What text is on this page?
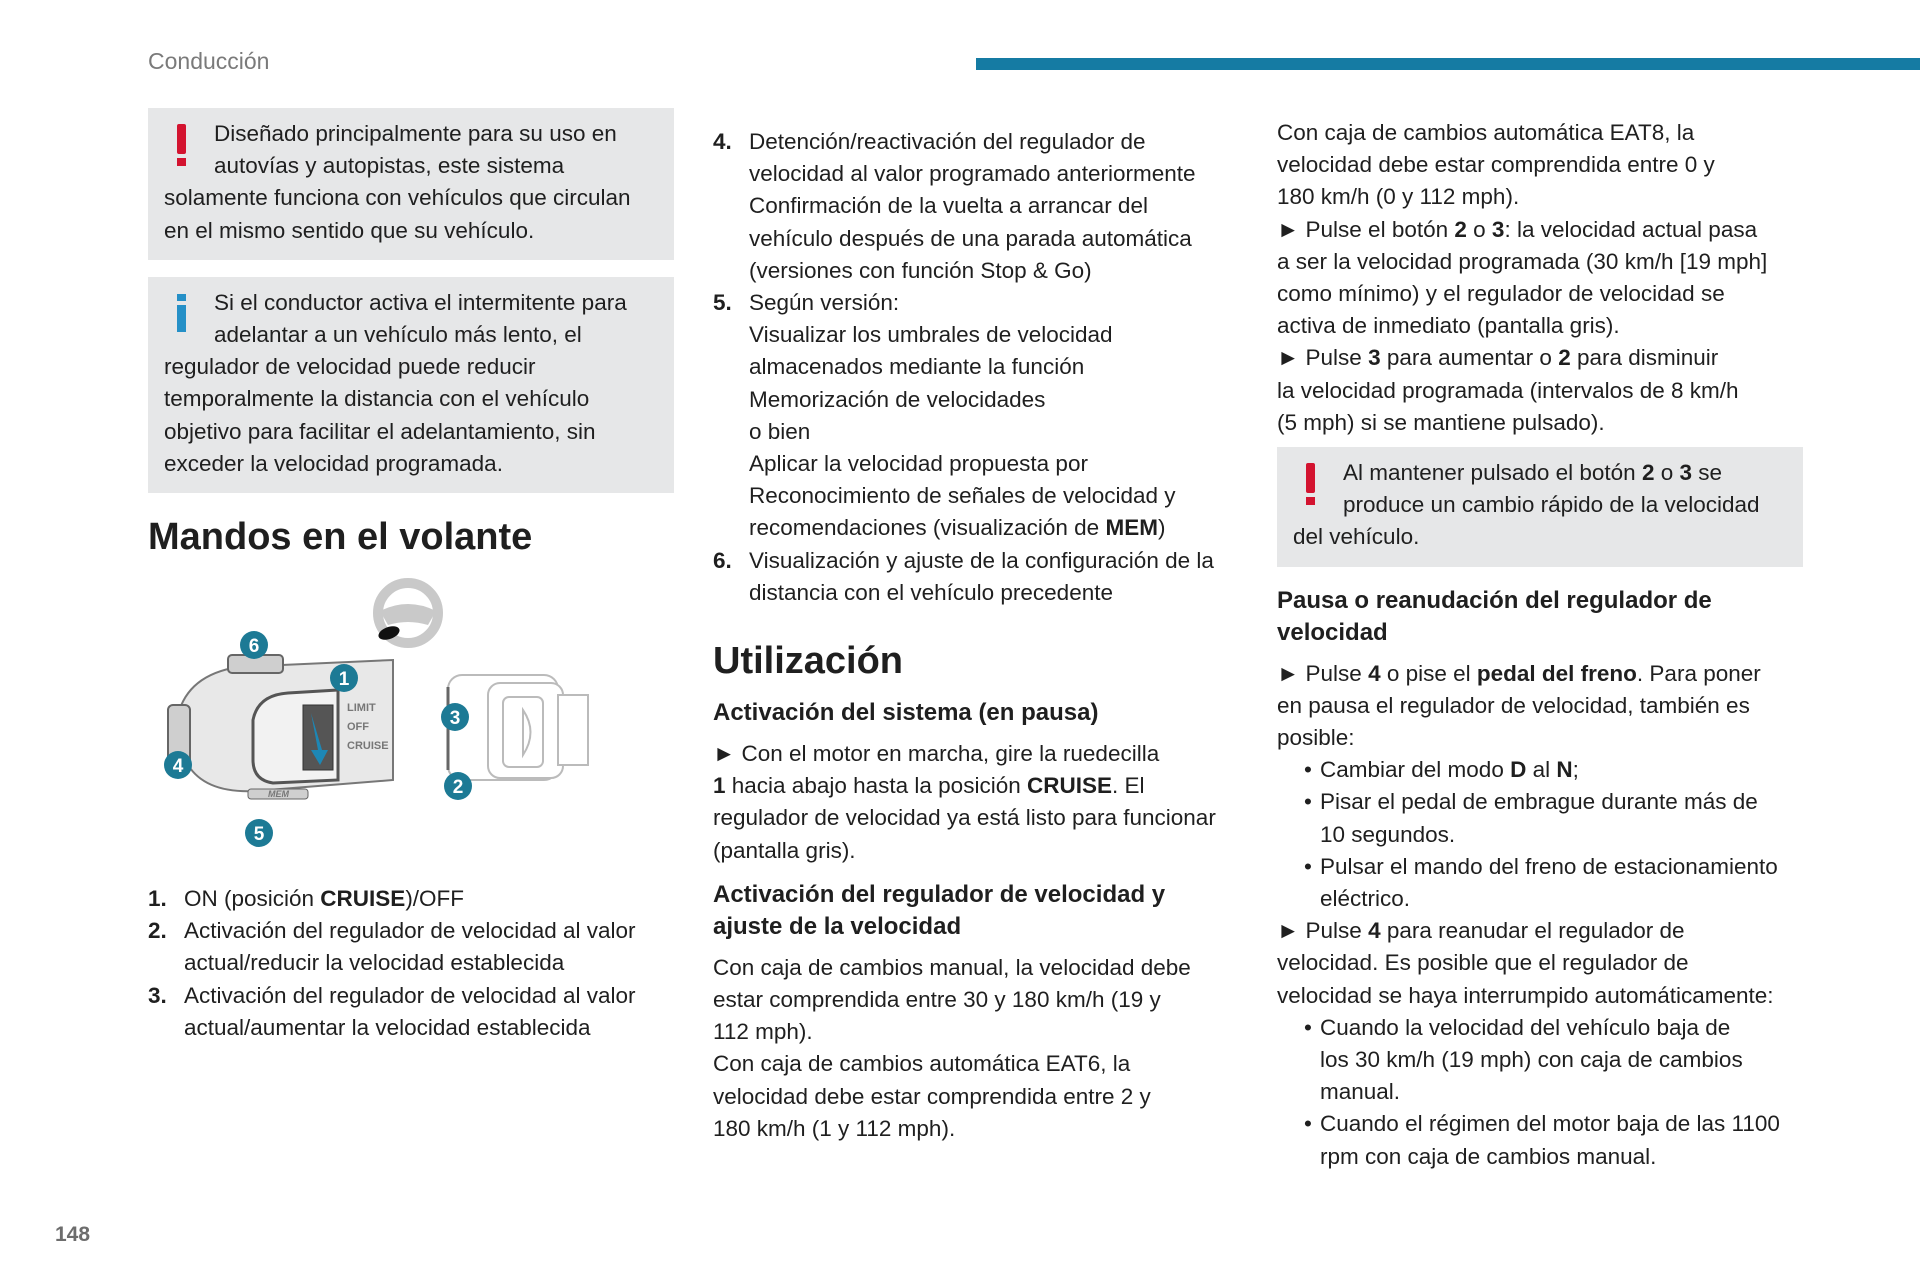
Conducción
Diseñado principalmente para su uso en
autovías y autopistas, este sistema
solamente funciona con vehículos que circulan
en el mismo sentido que su vehículo.
Si el conductor activa el intermitente para
adelantar a un vehículo más lento, el
regulador de velocidad puede reducir
temporalmente la distancia con el vehículo
objetivo para facilitar el adelantamiento, sin
exceder la velocidad programada.
Mandos en el volante
LIMIT
OFF
CRUISE
MEM
6
1
4
5
3
2
1. ON (posición CRUISE)/OFF
2. Activación del regulador de velocidad al valor
actual/reducir la velocidad establecida
3. Activación del regulador de velocidad al valor
actual/aumentar la velocidad establecida
4. Detención/reactivación del regulador de
velocidad al valor programado anteriormente
Confirmación de la vuelta a arrancar del
vehículo después de una parada automática
(versiones con función Stop & Go)
5. Según versión:
Visualizar los umbrales de velocidad
almacenados mediante la función
Memorización de velocidades
o bien
Aplicar la velocidad propuesta por
Reconocimiento de señales de velocidad y
recomendaciones (visualización de MEM)
6. Visualización y ajuste de la configuración de la
distancia con el vehículo precedente
Utilización
Activación del sistema (en pausa)

► Con el motor en marcha, gire la ruedecilla
1 hacia abajo hasta la posición CRUISE. El
regulador de velocidad ya está listo para funcionar
(pantalla gris).

Activación del regulador de velocidad y
ajuste de la velocidad

Con caja de cambios manual, la velocidad debe
estar comprendida entre 30 y 180 km/h (19 y
112 mph).
Con caja de cambios automática EAT6, la
velocidad debe estar comprendida entre 2 y
180 km/h (1 y 112 mph).

Con caja de cambios automática EAT8, la
velocidad debe estar comprendida entre 0 y
180 km/h (0 y 112 mph).

► Pulse el botón 2 o 3: la velocidad actual pasa
a ser la velocidad programada (30 km/h [19 mph]
como mínimo) y el regulador de velocidad se
activa de inmediato (pantalla gris).

► Pulse 3 para aumentar o 2 para disminuir
la velocidad programada (intervalos de 8 km/h
(5 mph) si se mantiene pulsado).

Al mantener pulsado el botón 2 o 3 se
produce un cambio rápido de la velocidad
del vehículo.
Pausa o reanudación del regulador de
velocidad

► Pulse 4 o pise el pedal del freno. Para poner
en pausa el regulador de velocidad, también es
posible:

• Cambiar del modo D al N;
• Pisar el pedal de embrague durante más de
10 segundos.
• Pulsar el mando del freno de estacionamiento
eléctrico.

► Pulse 4 para reanudar el regulador de
velocidad. Es posible que el regulador de
velocidad se haya interrumpido automáticamente:

• Cuando la velocidad del vehículo baja de
los 30 km/h (19 mph) con caja de cambios
manual.
• Cuando el régimen del motor baja de las 1100
rpm con caja de cambios manual.
148
